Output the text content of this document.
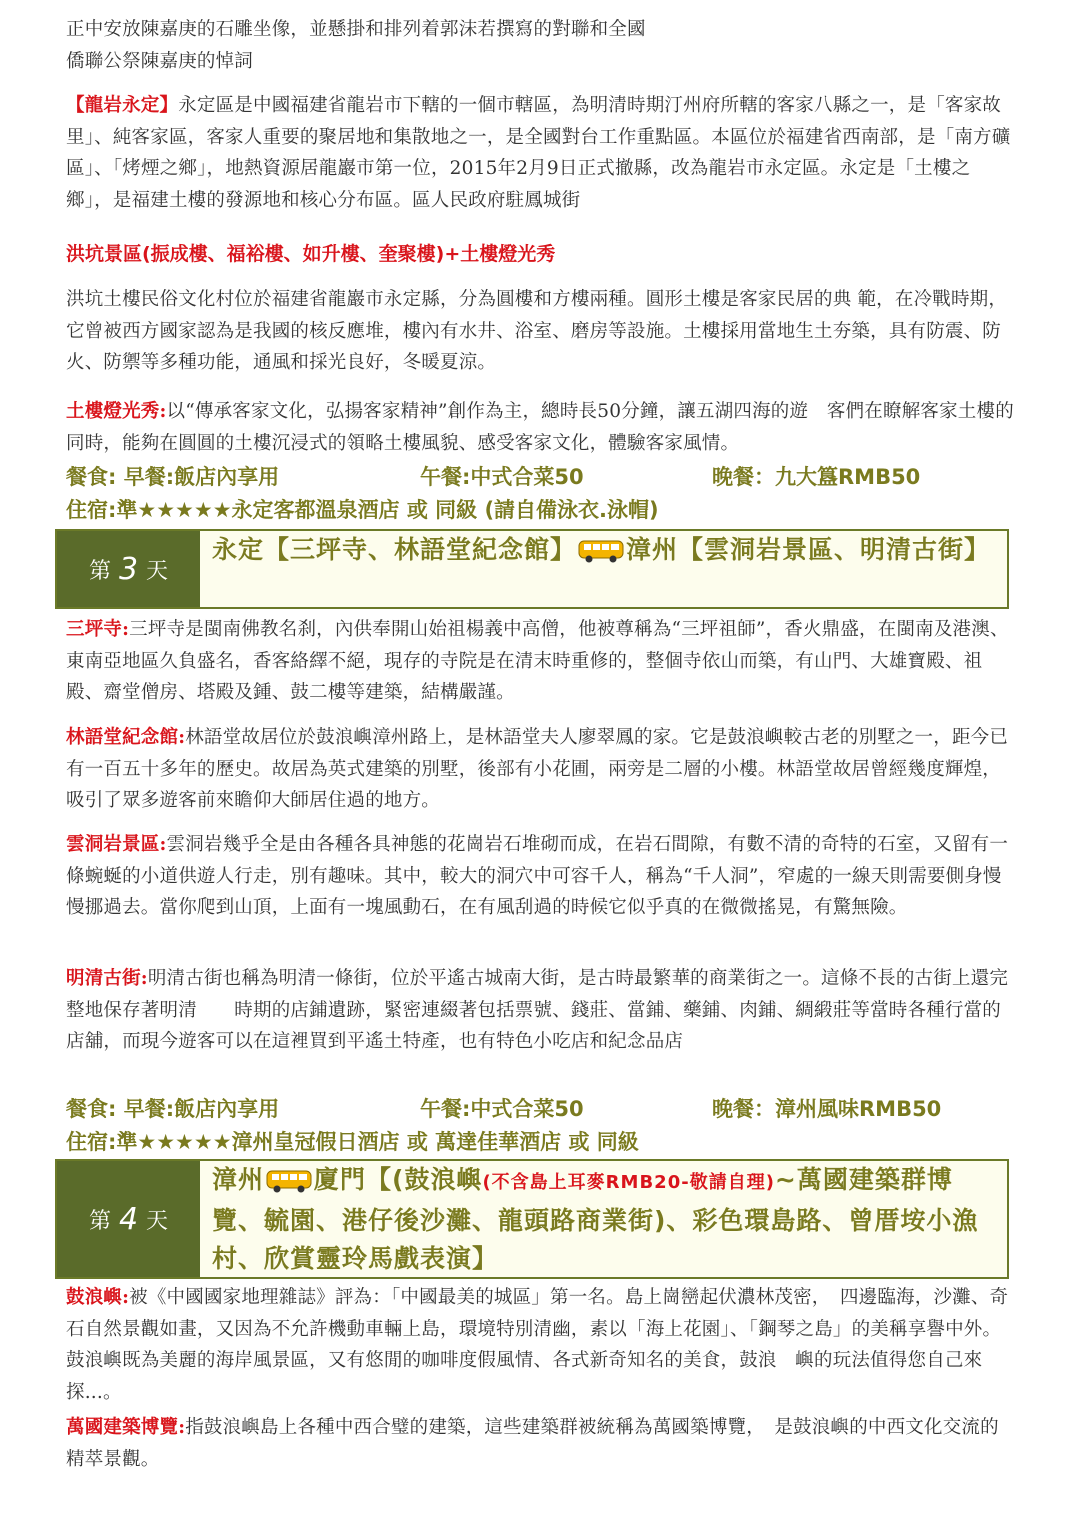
正中安放陳嘉庚的石雕坐像，並懸掛和排列着郭沫若撰寫的對聯和全國
僑聯公祭陳嘉庚的悼詞

【龍岩永定】永定區是中國福建省龍岩市下轄的一個市轄區，為明清時期汀州府所轄的客家八縣之一，是「客家故里」、純客家區，客家人重要的聚居地和集散地之一，是全國對台工作重點區。本區位於福建省西南部，是「南方礦區」、「烤煙之鄉」，地熱資源居龍巖市第一位，2015年2月9日正式撤縣，改為龍岩市永定區。永定是「土樓之鄉」，是福建土樓的發源地和核心分布區。區人民政府駐鳳城街

洪坑景區(振成樓、福裕樓、如升樓、奎聚樓)+土樓燈光秀

洪坑土樓民俗文化村位於福建省龍巖市永定縣，分為圓樓和方樓兩種。圓形土樓是客家民居的典 範，在冷戰時期，它曾被西方國家認為是我國的核反應堆，樓內有水井、浴室、磨房等設施。土樓採用當地生土夯築，具有防震、防火、防禦等多種功能，通風和採光良好，冬暖夏涼。

土樓燈光秀:以“傳承客家文化，弘揚客家精神”創作為主，總時長50分鐘，讓五湖四海的遊　客們在瞭解客家土樓的同時，能夠在圓圓的土樓沉浸式的領略土樓風貌、感受客家文化，體驗客家風情。

餐食: 早餐:飯店內享用	午餐:中式合菜50	晚餐：九大簋RMB50
住宿:準★★★★★永定客都溫泉酒店 或 同級 (請自備泳衣.泳帽)
第 3 天
永定【三坪寺、林語堂紀念館】 漳州【雲洞岩景區、明清古街】

三坪寺:三坪寺是閩南佛教名刹，內供奉開山始祖楊義中高僧，他被尊稱為“三坪祖師”，香火鼎盛，在閩南及港澳、東南亞地區久負盛名，香客絡繹不絕，現存的寺院是在清末時重修的，整個寺依山而築，有山門、大雄寶殿、祖殿、齋堂僧房、塔殿及鍾、鼓二樓等建築，結構嚴謹。

林語堂紀念館:林語堂故居位於鼓浪嶼漳州路上，是林語堂夫人廖翠鳳的家。它是鼓浪嶼較古老的別墅之一，距今已有一百五十多年的歷史。故居為英式建築的別墅，後部有小花圃，兩旁是二層的小樓。林語堂故居曾經幾度輝煌，吸引了眾多遊客前來瞻仰大師居住過的地方。

雲洞岩景區:雲洞岩幾乎全是由各種各具神態的花崗岩石堆砌而成，在岩石間隙，有數不清的奇特的石室，又留有一條蜿蜒的小道供遊人行走，別有趣味。其中，較大的洞穴中可容千人，稱為“千人洞”，窄處的一線天則需要側身慢慢挪過去。當你爬到山頂，上面有一塊風動石，在有風刮過的時候它似乎真的在微微搖晃，有驚無險。

明清古街:明清古街也稱為明清一條街，位於平遙古城南大街，是古時最繁華的商業街之一。這條不長的古街上還完整地保存著明清　　時期的店鋪遺跡，緊密連綴著包括票號、錢莊、當鋪、藥鋪、肉鋪、綢緞莊等當時各種行當的店舖，而現今遊客可以在這裡買到平遙土特產，也有特色小吃店和紀念品店

餐食: 早餐:飯店內享用	午餐:中式合菜50	晚餐：漳州風味RMB50
住宿:準★★★★★漳州皇冠假日酒店 或 萬達佳華酒店 或 同級
第 4 天
漳州 廈門【(鼓浪嶼(不含島上耳麥RMB20-敬請自理)~萬國建築群博覽、毓園、港仔後沙灘、龍頭路商業街)、彩色環島路、曾厝垵小漁村、欣賞靈玲馬戲表演】

鼓浪嶼:被《中國國家地理雜誌》評為：「中國最美的城區」第一名。島上崗巒起伏濃林茂密，　四邊臨海，沙灘、奇石自然景觀如畫，又因為不允許機動車輛上島，環境特別清幽，素以「海上花園」、「鋼琴之島」的美稱享譽中外。鼓浪嶼既為美麗的海岸風景區，又有悠閒的咖啡度假風情、各式新奇知名的美食，鼓浪　嶼的玩法值得您自己來探...。

萬國建築博覽:指鼓浪嶼島上各種中西合璧的建築，這些建築群被統稱為萬國築博覽，　是鼓浪嶼的中西文化交流的精萃景觀。
